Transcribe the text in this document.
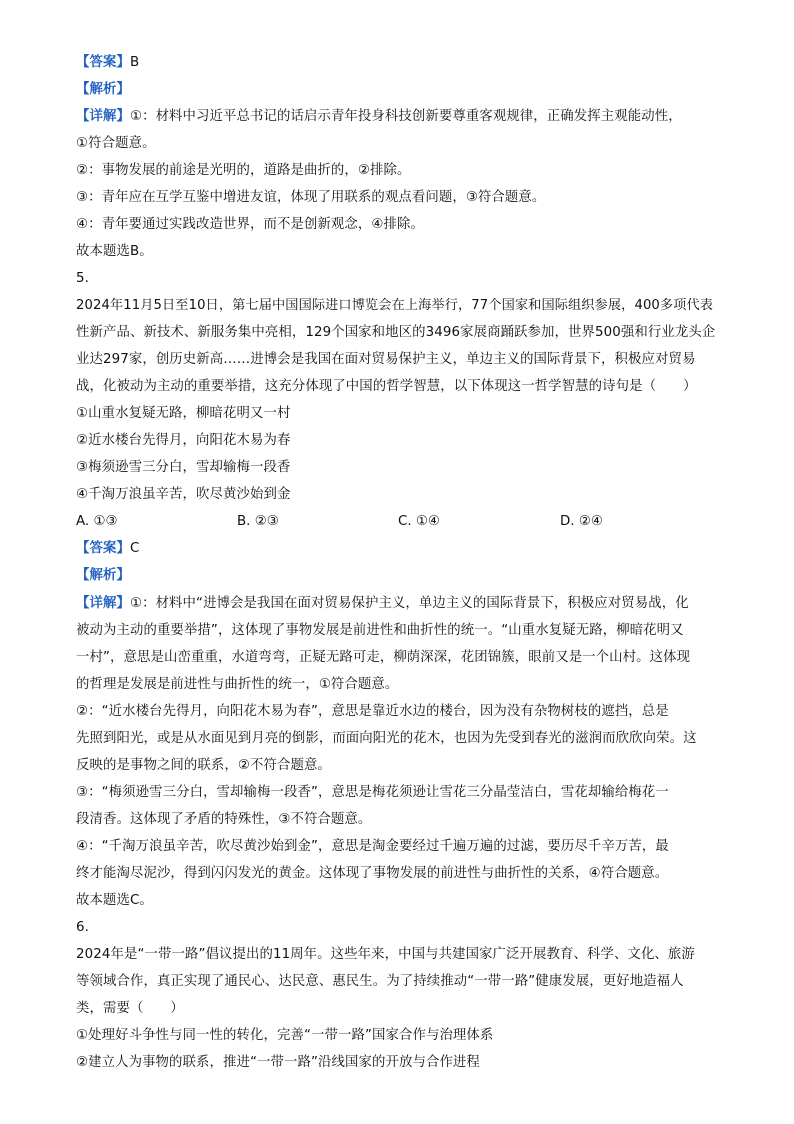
【答案】B
【解析】
【详解】①：材料中习近平总书记的话启示青年投身科技创新要尊重客观规律，正确发挥主观能动性，
①符合题意。
②：事物发展的前途是光明的，道路是曲折的，②排除。
③：青年应在互学互鉴中增进友谊，体现了用联系的观点看问题，③符合题意。
④：青年要通过实践改造世界，而不是创新观念，④排除。
故本题选B。
5.
2024年11月5日至10日，第七届中国国际进口博览会在上海举行，77个国家和国际组织参展，400多项代表
性新产品、新技术、新服务集中亮相，129个国家和地区的3496家展商踊跃参加，世界500强和行业龙头企
业达297家，创历史新高……进博会是我国在面对贸易保护主义，单边主义的国际背景下，积极应对贸易
战，化被动为主动的重要举措，这充分体现了中国的哲学智慧，以下体现这一哲学智慧的诗句是（　　）
①山重水复疑无路，柳暗花明又一村
②近水楼台先得月，向阳花木易为春
③梅须逊雪三分白，雪却输梅一段香
④千淘万浪虽辛苦，吹尽黄沙始到金
A. ①③	B. ②③	C. ①④	D. ②④
【答案】C
【解析】
【详解】①：材料中“进博会是我国在面对贸易保护主义，单边主义的国际背景下，积极应对贸易战，化
被动为主动的重要举措”，这体现了事物发展是前进性和曲折性的统一。“山重水复疑无路，柳暗花明又
一村”，意思是山峦重重，水道弯弯，正疑无路可走，柳荫深深，花团锦簇，眼前又是一个山村。这体现
的哲理是发展是前进性与曲折性的统一，①符合题意。
②：“近水楼台先得月，向阳花木易为春”，意思是靠近水边的楼台，因为没有杂物树枝的遮挡，总是
先照到阳光，或是从水面见到月亮的倒影，而面向阳光的花木，也因为先受到春光的滋润而欣欣向荣。这
反映的是事物之间的联系，②不符合题意。
③：“梅须逊雪三分白，雪却输梅一段香”，意思是梅花须逊让雪花三分晶莹洁白，雪花却输给梅花一
段清香。这体现了矛盾的特殊性，③不符合题意。
④：“千淘万浪虽辛苦，吹尽黄沙始到金”，意思是淘金要经过千遍万遍的过滤，要历尽千辛万苦，最
终才能淘尽泥沙，得到闪闪发光的黄金。这体现了事物发展的前进性与曲折性的关系，④符合题意。
故本题选C。
6.
2024年是“一带一路”倡议提出的11周年。这些年来，中国与共建国家广泛开展教育、科学、文化、旅游
等领域合作，真正实现了通民心、达民意、惠民生。为了持续推动“一带一路”健康发展，更好地造福人
类，需要（　　）
①处理好斗争性与同一性的转化，完善“一带一路”国家合作与治理体系
②建立人为事物的联系，推进“一带一路”沿线国家的开放与合作进程
